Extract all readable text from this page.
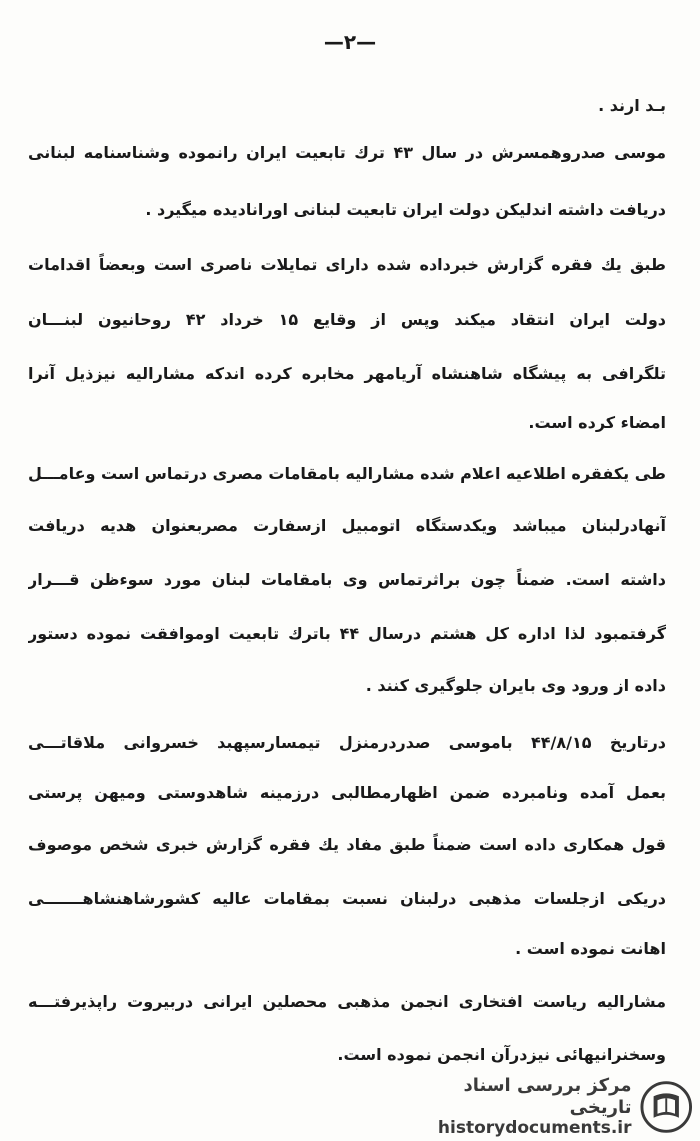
—۲—
بـد ارند .
موسی صدروهمسرش در سال ۴۳ ترك تابعیت ایران رانموده وشناسنامه لبنانی
دریافت داشته اندلیکن دولت ایران تابعیت لبنانی اورانادیده میگیرد .
طبق یك فقره گزارش خبرداده شده دارای تمایلات ناصری است وبعضاً اقدامات
دولت ایران انتقاد میکند وپس از وقایع ۱۵ خرداد ۴۲ روحانیون لبنـــان
تلگرافی به پیشگاه شاهنشاه آریامهر مخابره کرده اندکه مشارالیه نیزذیل آنرا
امضاء کرده است.
طی یکفقره اطلاعیه اعلام شده مشارالیه بامقامات مصری درتماس است وعامـــل
آنهادرلبنان میباشد ویکدستگاه اتومبیل ازسفارت مصربعنوان هدیه دریافت
داشته است. ضمناً چون براثرتماس وی بامقامات لبنان مورد سوءظن قـــرار
گرفتمبود لذا اداره کل هشتم درسال ۴۴ باترك تابعیت اوموافقت نموده دستور
داده از ورود وی بایران جلوگیری کنند .
درتاریخ ۴۴/۸/۱۵ باموسی صدردرمنزل تیمسارسپهبد خسروانی ملاقاتـــی
بعمل آمده ونامبرده ضمن اظهارمطالبی درزمینه شاهدوستی ومیهن پرستی
قول همکاری داده است ضمناً طبق مفاد یك فقره گزارش خبری شخص موصوف
دریکی ازجلسات مذهبی درلبنان نسبت بمقامات عالیه کشورشاهنشاهـــــــی
اهانت نموده است .
مشارالیه ریاست افتخاری انجمن مذهبی محصلین ایرانی دربیروت راپذیرفتـــه
وسخنرانیهائی نیزدرآن انجمن نموده است.
مرکز بررسی اسناد تاریخی
historydocuments.ir
